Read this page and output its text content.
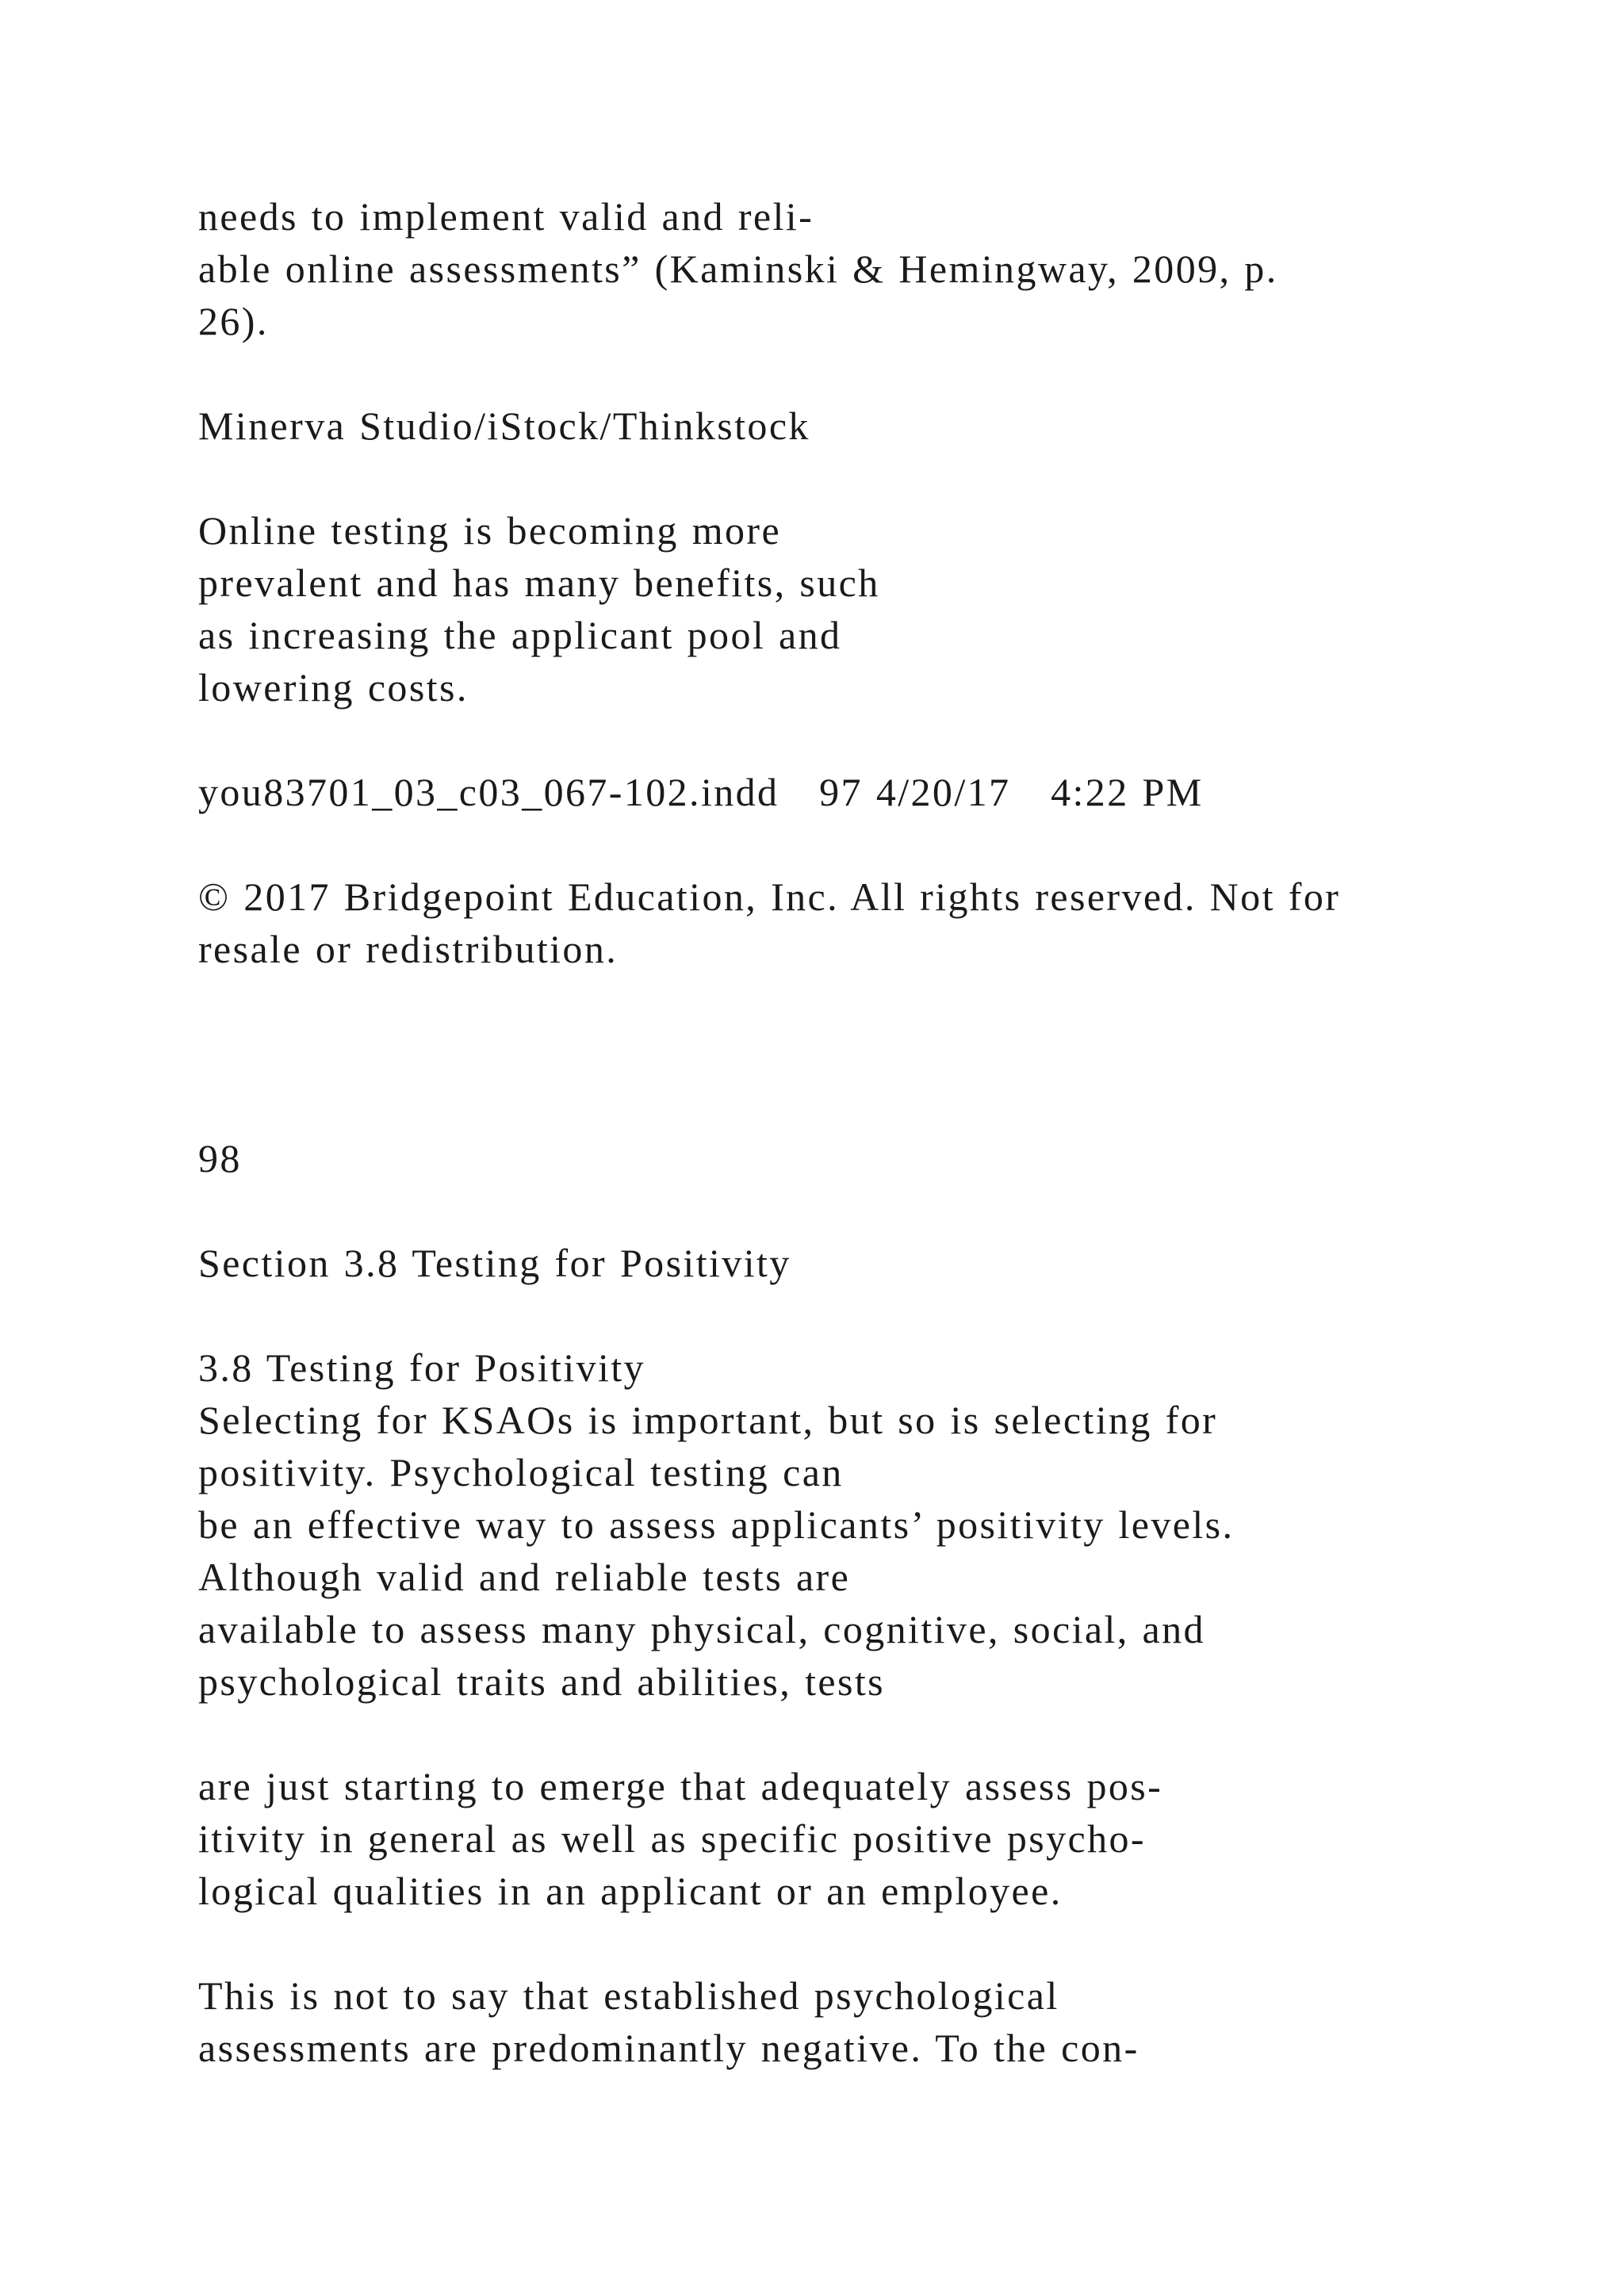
needs to implement valid and reli-
able online assessments” (Kaminski & Hemingway, 2009, p.
26).
Minerva Studio/iStock/Thinkstock
Online testing is becoming more
prevalent and has many benefits, such
as increasing the applicant pool and
lowering costs.
you83701_03_c03_067-102.indd   97 4/20/17   4:22 PM
© 2017 Bridgepoint Education, Inc. All rights reserved. Not for
resale or redistribution.
98
Section 3.8 Testing for Positivity
3.8 Testing for Positivity
Selecting for KSAOs is important, but so is selecting for
positivity. Psychological testing can
be an effective way to assess applicants’ positivity levels.
Although valid and reliable tests are
available to assess many physical, cognitive, social, and
psychological traits and abilities, tests
are just starting to emerge that adequately assess pos-
itivity in general as well as specific positive psycho-
logical qualities in an applicant or an employee.
This is not to say that established psychological
assessments are predominantly negative. To the con-
